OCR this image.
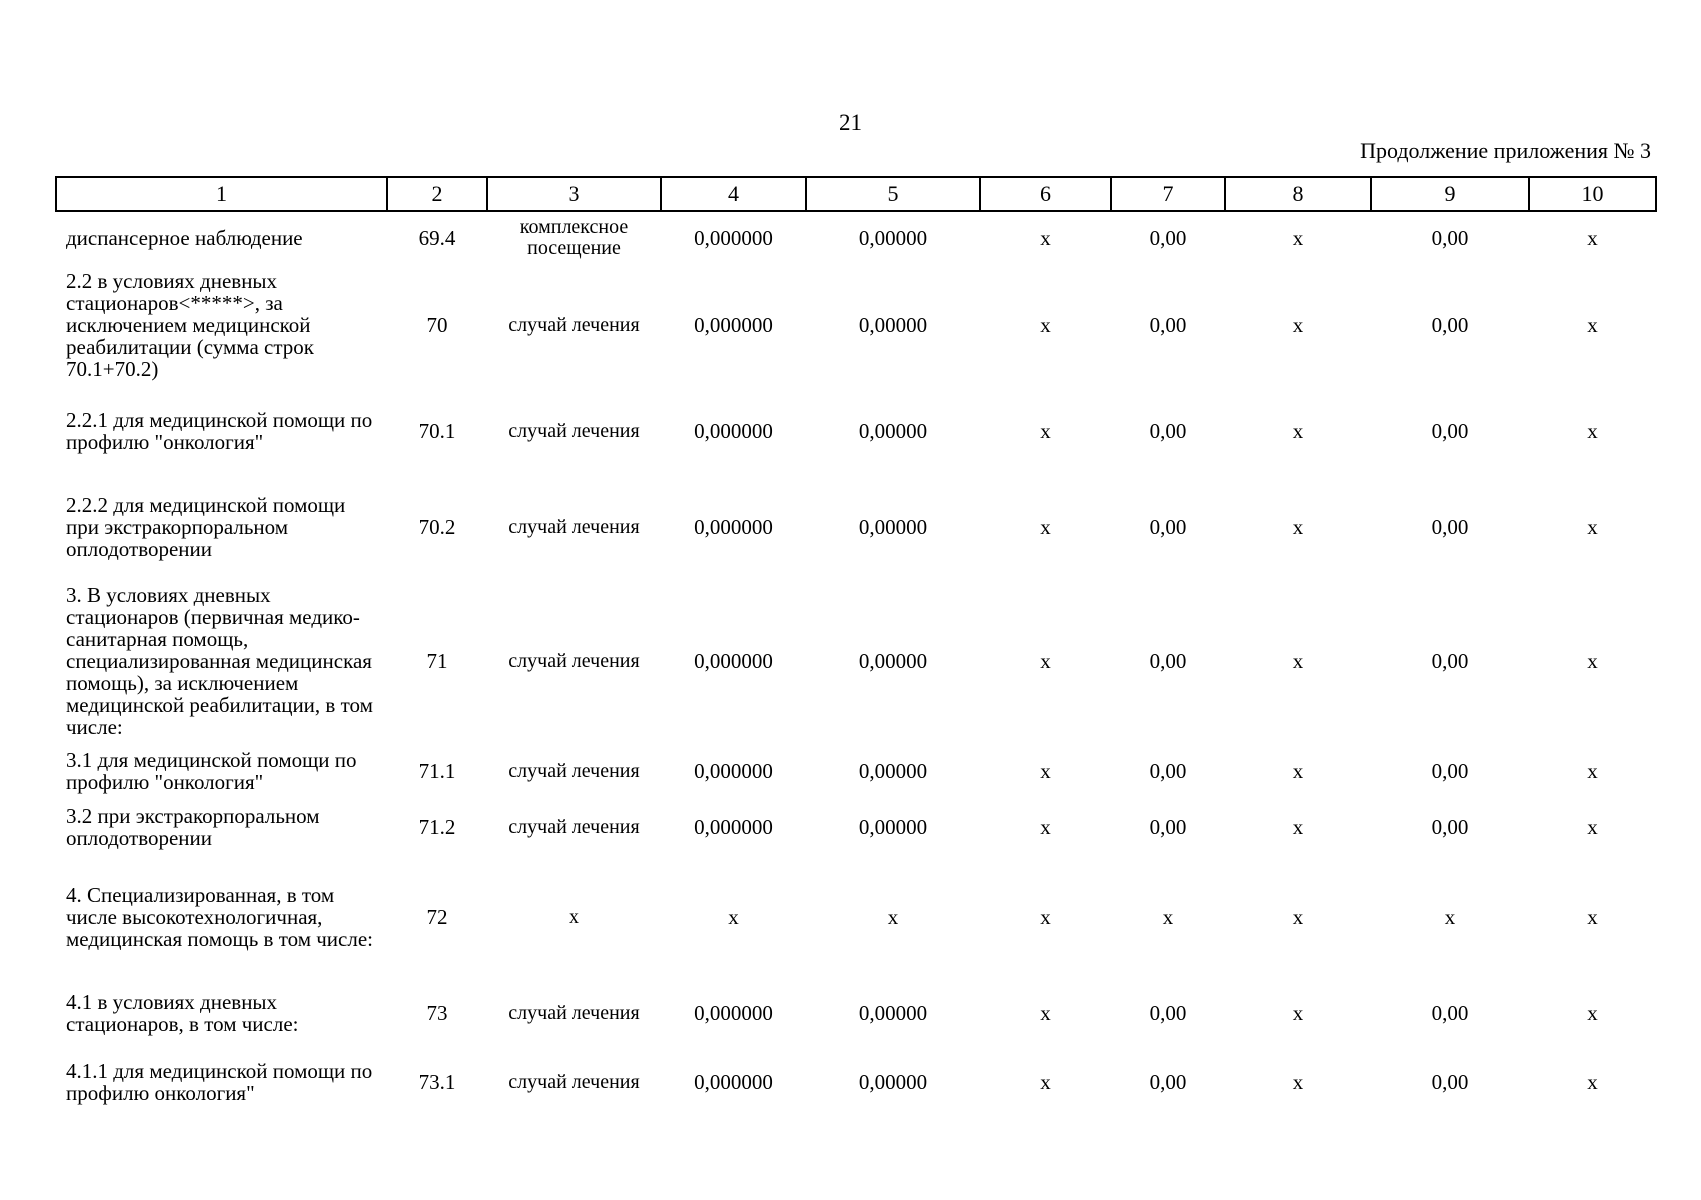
21
Продолжение приложения № 3
1	2	3	4	5	6	7	8	9	10
диспансерное наблюдение	69.4	комплексное посещение	0,000000	0,00000	x	0,00	x	0,00	x
2.2 в условиях дневных стационаров<*****>, за исключением медицинской реабилитации (сумма строк 70.1+70.2)	70	случай лечения	0,000000	0,00000	x	0,00	x	0,00	x
2.2.1 для медицинской помощи по профилю "онкология"	70.1	случай лечения	0,000000	0,00000	x	0,00	x	0,00	x
2.2.2 для медицинской помощи при экстракорпоральном оплодотворении	70.2	случай лечения	0,000000	0,00000	x	0,00	x	0,00	x
3. В условиях дневных стационаров (первичная медико-санитарная помощь, специализированная медицинская помощь), за исключением медицинской реабилитации, в том числе:	71	случай лечения	0,000000	0,00000	x	0,00	x	0,00	x
3.1 для медицинской помощи по профилю "онкология"	71.1	случай лечения	0,000000	0,00000	x	0,00	x	0,00	x
3.2 при экстракорпоральном оплодотворении	71.2	случай лечения	0,000000	0,00000	x	0,00	x	0,00	x
4. Специализированная, в том числе высокотехнологичная, медицинская помощь в том числе:	72	x	x	x	x	x	x	x	x
4.1 в условиях дневных стационаров, в том числе:	73	случай лечения	0,000000	0,00000	x	0,00	x	0,00	x
4.1.1 для медицинской помощи по профилю онкология"	73.1	случай лечения	0,000000	0,00000	x	0,00	x	0,00	x
